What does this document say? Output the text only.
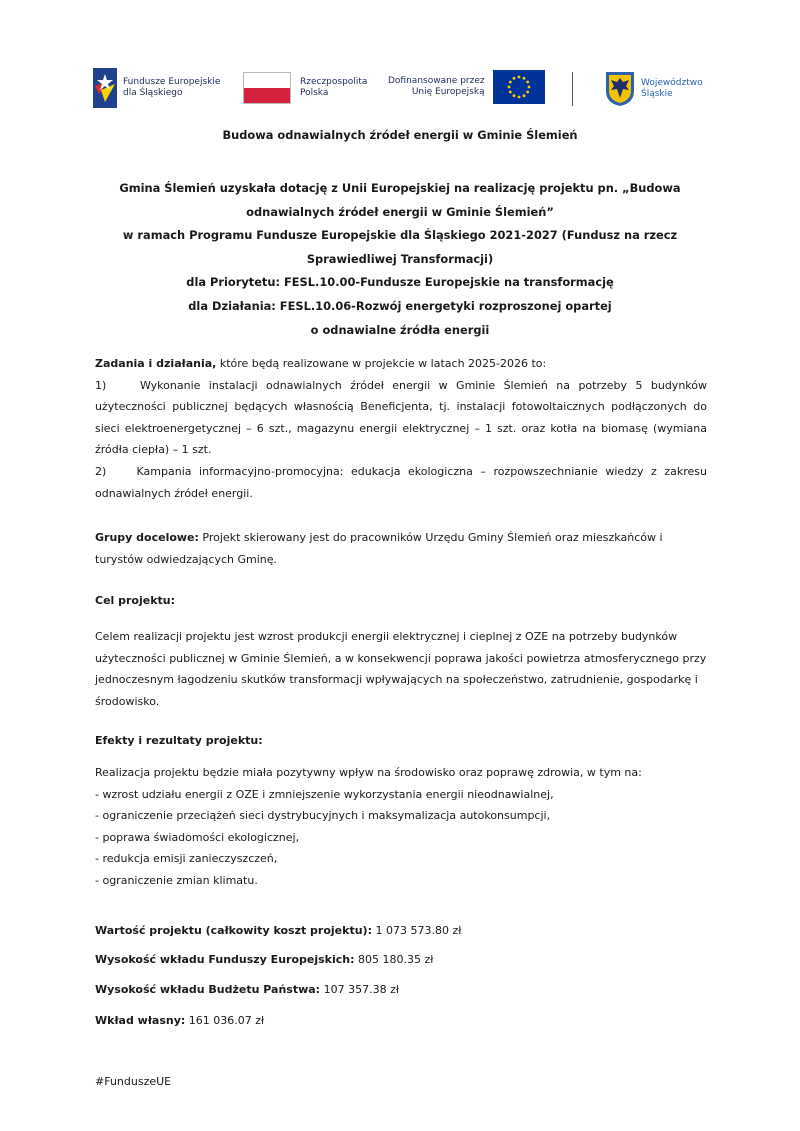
Fundusze Europejskie
dla Śląskiego
Rzeczpospolita
Polska
Dofinansowane przez
Unię Europejską
Województwo
Śląskie
Budowa odnawialnych źródeł energii w Gminie Ślemień
Gmina Ślemień uzyskała dotację z Unii Europejskiej na realizację projektu pn. „Budowa
odnawialnych źródeł energii w Gminie Ślemień”
w ramach Programu Fundusze Europejskie dla Śląskiego 2021-2027 (Fundusz na rzecz
Sprawiedliwej Transformacji)
dla Priorytetu: FESL.10.00-Fundusze Europejskie na transformację
dla Działania: FESL.10.06-Rozwój energetyki rozproszonej opartej
o odnawialne źródła energii
Zadania i działania, które będą realizowane w projekcie w latach 2025-2026 to:
1)    Wykonanie instalacji odnawialnych źródeł energii w Gminie Ślemień na potrzeby 5 budynków użyteczności publicznej będących własnością Beneficjenta, tj. instalacji fotowoltaicznych podłączonych do sieci elektroenergetycznej – 6 szt., magazynu energii elektrycznej – 1 szt. oraz kotła na biomasę (wymiana źródła ciepła) – 1 szt.
2)    Kampania informacyjno-promocyjna: edukacja ekologiczna – rozpowszechnianie wiedzy z zakresu odnawialnych źródeł energii.
Grupy docelowe: Projekt skierowany jest do pracowników Urzędu Gminy Ślemień oraz mieszkańców i turystów odwiedzających Gminę.
Cel projektu:
Celem realizacji projektu jest wzrost produkcji energii elektrycznej i cieplnej z OZE na potrzeby budynków użyteczności publicznej w Gminie Ślemień, a w konsekwencji poprawa jakości powietrza atmosferycznego przy jednoczesnym łagodzeniu skutków transformacji wpływających na społeczeństwo, zatrudnienie, gospodarkę i środowisko.
Efekty i rezultaty projektu:
Realizacja projektu będzie miała pozytywny wpływ na środowisko oraz poprawę zdrowia, w tym na:
- wzrost udziału energii z OZE i zmniejszenie wykorzystania energii nieodnawialnej,
- ograniczenie przeciążeń sieci dystrybucyjnych i maksymalizacja autokonsumpcji,
- poprawa świadomości ekologicznej,
- redukcja emisji zanieczyszczeń,
- ograniczenie zmian klimatu.
Wartość projektu (całkowity koszt projektu): 1 073 573.80 zł
Wysokość wkładu Funduszy Europejskich: 805 180.35 zł
Wysokość wkładu Budżetu Państwa: 107 357.38 zł
Wkład własny: 161 036.07 zł
#FunduszeUE
